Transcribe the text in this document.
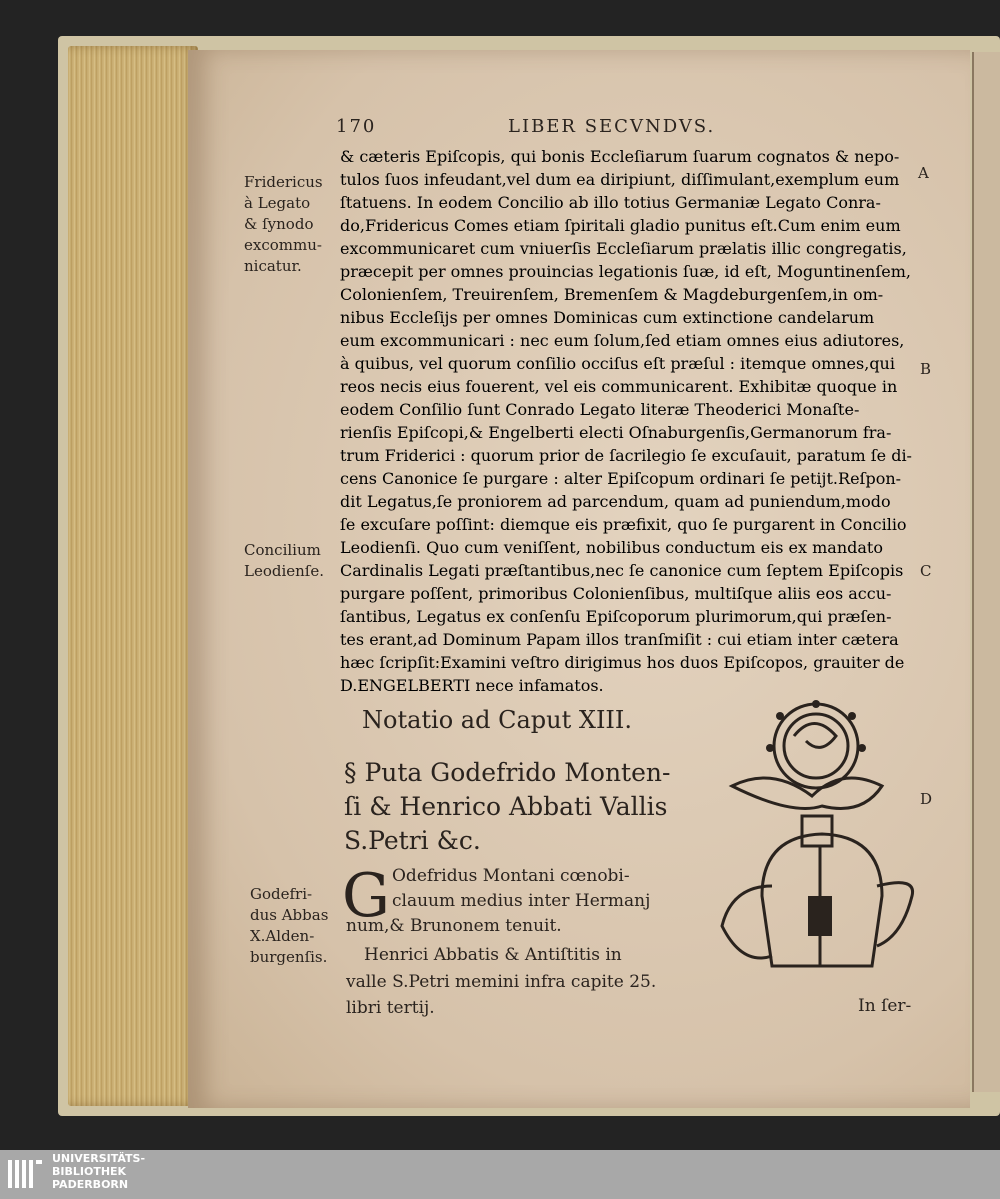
170	LIBER SECVNDVS.
& cæteris Epiſcopis, qui bonis Eccleſiarum ſuarum cognatos & nepo-
tulos ſuos infeudant,vel dum ea diripiunt, diſſimulant,exemplum eum
ſtatuens. In eodem Concilio ab illo totius Germaniæ Legato Conra-
do,Fridericus Comes etiam ſpiritali gladio punitus eſt.Cum enim eum
excommunicaret cum vniuerſis Eccleſiarum prælatis illic congregatis,
præcepit per omnes prouincias legationis ſuæ, id eſt, Moguntinenſem,
Colonienſem, Treuirenſem, Bremenſem & Magdeburgenſem,in om-
nibus Eccleſijs per omnes Dominicas cum extinctione candelarum
eum excommunicari : nec eum ſolum,ſed etiam omnes eius adiutores,
à quibus, vel quorum conſilio occiſus eſt præſul : itemque omnes,qui
reos necis eius fouerent, vel eis communicarent. Exhibitæ quoque in
eodem Conſilio ſunt Conrado Legato literæ Theoderici Monaſte-
rienſis Epiſcopi,& Engelberti electi Oſnaburgenſis,Germanorum fra-
trum Friderici : quorum prior de ſacrilegio ſe excuſauit, paratum ſe di-
cens Canonice ſe purgare : alter Epiſcopum ordinari ſe petijt.Reſpon-
dit Legatus,ſe proniorem ad parcendum, quam ad puniendum,modo
ſe excuſare poſſint: diemque eis præfixit, quo ſe purgarent in Concilio
Leodienſi. Quo cum veniſſent, nobilibus conductum eis ex mandato
Cardinalis Legati præſtantibus,nec ſe canonice cum ſeptem Epiſcopis
purgare poſſent, primoribus Colonienſibus, multiſque aliis eos accu-
ſantibus, Legatus ex conſenſu Epiſcoporum plurimorum,qui præſen-
tes erant,ad Dominum Papam illos tranſmiſit : cui etiam inter cætera
hæc ſcripſit:Examini veſtro dirigimus hos duos Epiſcopos, grauiter de
D.ENGELBERTI nece infamatos.
Fridericus
à Legato
& ſynodo
excommu-
nicatur.
Concilium
Leodienſe.
Godefri-
dus Abbas
X.Alden-
burgenſis.
A
B
C
D
Notatio ad Caput XIII.
§ Puta Godefrido Monten-
ſi & Henrico Abbati Vallis
S.Petri &c.
G Odefridus Montani cœnobi-
clauum medius inter Hermanj
num,& Brunonem tenuit.
Henrici Abbatis & Antiſtitis in
valle S.Petri memini infra capite 25.
libri tertij.	In ſer-
UNIVERSITÄTS-
BIBLIOTHEK
PADERBORN
